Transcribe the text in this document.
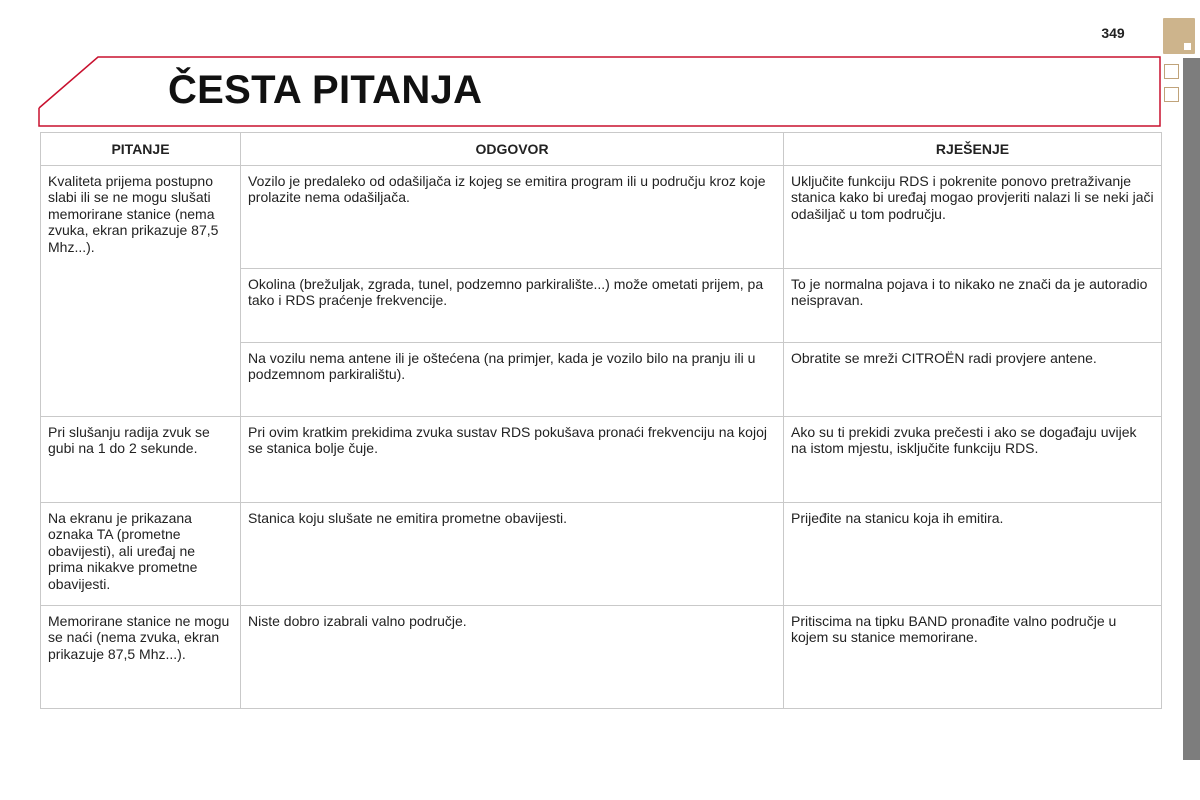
349
ČESTA PITANJA
PITANJE	ODGOVOR	RJEŠENJE
Kvaliteta prijema postupno slabi ili se ne mogu slušati memorirane stanice (nema zvuka, ekran prikazuje 87,5 Mhz...).	Vozilo je predaleko od odašiljača iz kojeg se emitira program ili u području kroz koje prolazite nema odašiljača.	Uključite funkciju RDS i pokrenite ponovo pretraživanje stanica kako bi uređaj mogao provjeriti nalazi li se neki jači odašiljač u tom području.
	Okolina (brežuljak, zgrada, tunel, podzemno parkiralište...) može ometati prijem, pa tako i RDS praćenje frekvencije.	To je normalna pojava i to nikako ne znači da je autoradio neispravan.
	Na vozilu nema antene ili je oštećena (na primjer, kada je vozilo bilo na pranju ili u podzemnom parkiralištu).	Obratite se mreži CITROËN radi provjere antene.
Pri slušanju radija zvuk se gubi na 1 do 2 sekunde.	Pri ovim kratkim prekidima zvuka sustav RDS pokušava pronaći frekvenciju na kojoj se stanica bolje čuje.	Ako su ti prekidi zvuka prečesti i ako se događaju uvijek na istom mjestu, isključite funkciju RDS.
Na ekranu je prikazana oznaka TA (prometne obavijesti), ali uređaj ne prima nikakve prometne obavijesti.	Stanica koju slušate ne emitira prometne obavijesti.	Prijeđite na stanicu koja ih emitira.
Memorirane stanice ne mogu se naći (nema zvuka, ekran prikazuje 87,5 Mhz...).	Niste dobro izabrali valno područje.	Pritiscima na tipku BAND pronađite valno područje u kojem su stanice memorirane.
